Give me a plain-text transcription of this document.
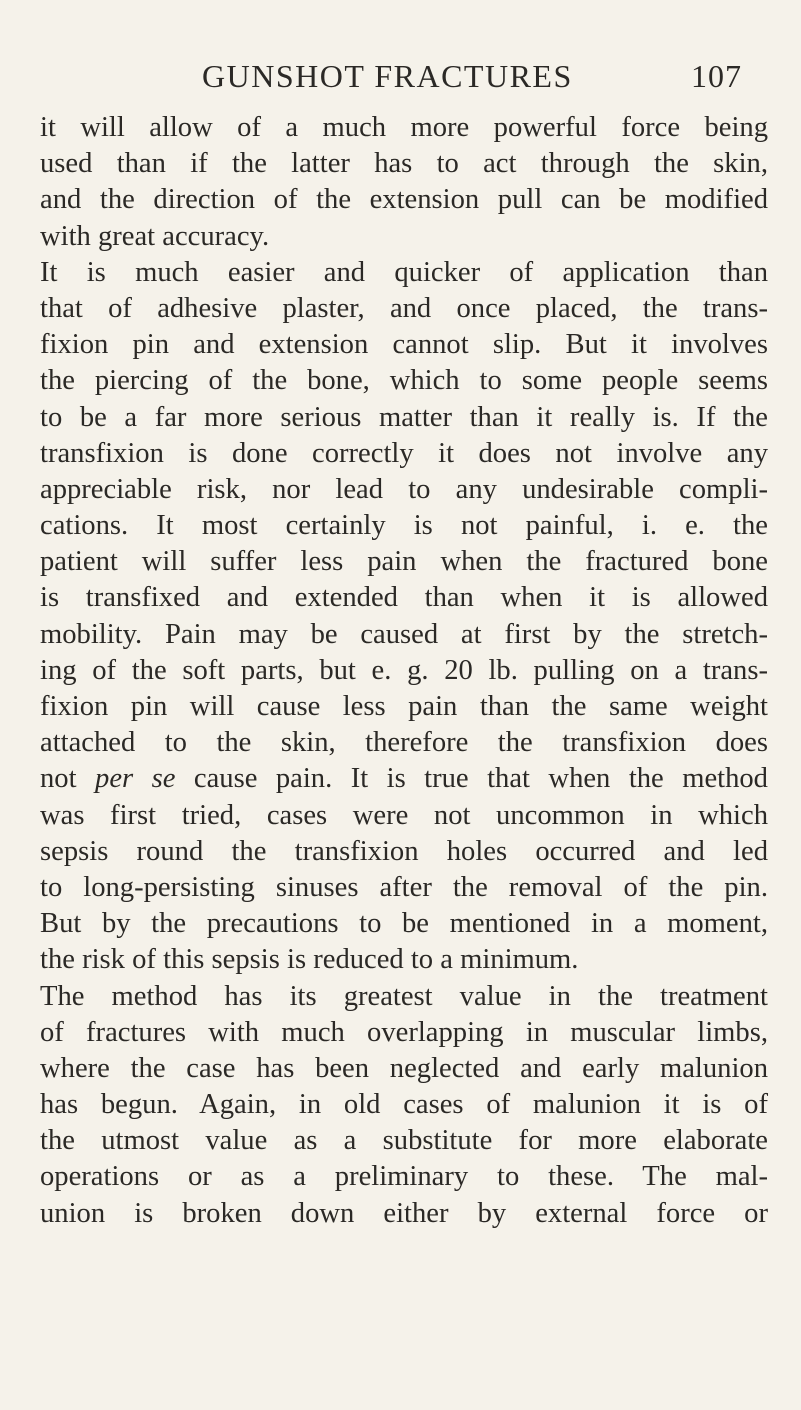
GUNSHOT FRACTURES	107
it will allow of a much more powerful force being
used than if the latter has to act through the skin,
and the direction of the extension pull can be modified
with great accuracy.
It is much easier and quicker of application than
that of adhesive plaster, and once placed, the trans-
fixion pin and extension cannot slip. But it involves
the piercing of the bone, which to some people seems
to be a far more serious matter than it really is. If the
transfixion is done correctly it does not involve any
appreciable risk, nor lead to any undesirable compli-
cations. It most certainly is not painful, i. e. the
patient will suffer less pain when the fractured bone
is transfixed and extended than when it is allowed
mobility. Pain may be caused at first by the stretch-
ing of the soft parts, but e. g. 20 lb. pulling on a trans-
fixion pin will cause less pain than the same weight
attached to the skin, therefore the transfixion does
not per se cause pain. It is true that when the method
was first tried, cases were not uncommon in which
sepsis round the transfixion holes occurred and led
to long-persisting sinuses after the removal of the pin.
But by the precautions to be mentioned in a moment,
the risk of this sepsis is reduced to a minimum.
The method has its greatest value in the treatment
of fractures with much overlapping in muscular limbs,
where the case has been neglected and early malunion
has begun. Again, in old cases of malunion it is of
the utmost value as a substitute for more elaborate
operations or as a preliminary to these. The mal-
union is broken down either by external force or
